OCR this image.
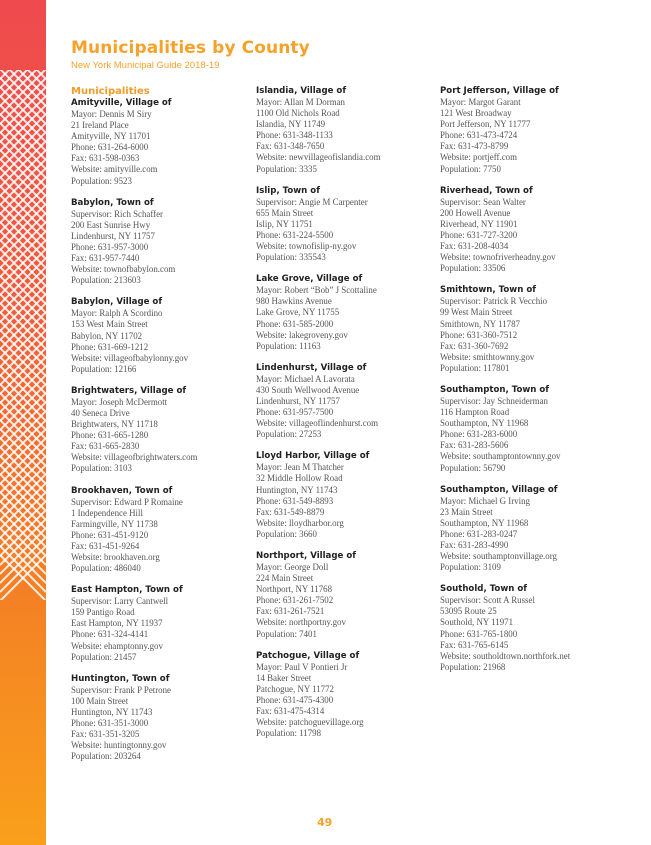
Municipalities by County
New York Municipal Guide 2018-19
Municipalities
Amityville, Village of
Mayor: Dennis M Siry
21 Ireland Place
Amityville, NY 11701
Phone: 631-264-6000
Fax: 631-598-0363
Website: amityville.com
Population: 9523
Babylon, Town of
Supervisor: Rich Schaffer
200 East Sunrise Hwy
Lindenhurst, NY 11757
Phone: 631-957-3000
Fax: 631-957-7440
Website: townofbabylon.com
Population: 213603
Babylon, Village of
Mayor: Ralph A Scordino
153 West Main Street
Babylon, NY 11702
Phone: 631-669-1212
Website: villageofbabylonny.gov
Population: 12166
Brightwaters, Village of
Mayor: Joseph McDermott
40 Seneca Drive
Brightwaters, NY 11718
Phone: 631-665-1280
Fax: 631-665-2830
Website: villageofbrightwaters.com
Population: 3103
Brookhaven, Town of
Supervisor: Edward P Romaine
1 Independence Hill
Farmingville, NY 11738
Phone: 631-451-9120
Fax: 631-451-9264
Website: brookhaven.org
Population: 486040
East Hampton, Town of
Supervisor: Larry Cantwell
159 Pantigo Road
East Hampton, NY 11937
Phone: 631-324-4141
Website: ehamptonny.gov
Population: 21457
Huntington, Town of
Supervisor: Frank P Petrone
100 Main Street
Huntington, NY 11743
Phone: 631-351-3000
Fax: 631-351-3205
Website: huntingtonny.gov
Population: 203264
Islandia, Village of
Mayor: Allan M Dorman
1100 Old Nichols Road
Islandia, NY 11749
Phone: 631-348-1133
Fax: 631-348-7650
Website: newvillageofislandia.com
Population: 3335
Islip, Town of
Supervisor: Angie M Carpenter
655 Main Street
Islip, NY 11751
Phone: 631-224-5500
Website: townofislip-ny.gov
Population: 335543
Lake Grove, Village of
Mayor: Robert “Bob” J Scottaline
980 Hawkins Avenue
Lake Grove, NY 11755
Phone: 631-585-2000
Website: lakegroveny.gov
Population: 11163
Lindenhurst, Village of
Mayor: Michael A Lavorata
430 South Wellwood Avenue
Lindenhurst, NY 11757
Phone: 631-957-7500
Website: villageoflindenhurst.com
Population: 27253
Lloyd Harbor, Village of
Mayor: Jean M Thatcher
32 Middle Hollow Road
Huntington, NY 11743
Phone: 631-549-8893
Fax: 631-549-8879
Website: lloydharbor.org
Population: 3660
Northport, Village of
Mayor: George Doll
224 Main Street
Northport, NY 11768
Phone: 631-261-7502
Fax: 631-261-7521
Website: northportny.gov
Population: 7401
Patchogue, Village of
Mayor: Paul V Pontieri Jr
14 Baker Street
Patchogue, NY 11772
Phone: 631-475-4300
Fax: 631-475-4314
Website: patchoguevillage.org
Population: 11798
Port Jefferson, Village of
Mayor: Margot Garant
121 West Broadway
Port Jefferson, NY 11777
Phone: 631-473-4724
Fax: 631-473-8799
Website: portjeff.com
Population: 7750
Riverhead, Town of
Supervisor: Sean Walter
200 Howell Avenue
Riverhead, NY 11901
Phone: 631-727-3200
Fax: 631-208-4034
Website: townofriverheadny.gov
Population: 33506
Smithtown, Town of
Supervisor: Patrick R Vecchio
99 West Main Street
Smithtown, NY 11787
Phone: 631-360-7512
Fax: 631-360-7692
Website: smithtownny.gov
Population: 117801
Southampton, Town of
Supervisor: Jay Schneiderman
116 Hampton Road
Southampton, NY 11968
Phone: 631-283-6000
Fax: 631-283-5606
Website: southamptontownny.gov
Population: 56790
Southampton, Village of
Mayor: Michael G Irving
23 Main Street
Southampton, NY 11968
Phone: 631-283-0247
Fax: 631-283-4990
Website: southamptonvillage.org
Population: 3109
Southold, Town of
Supervisor: Scott A Russel
53095 Route 25
Southold, NY 11971
Phone: 631-765-1800
Fax: 631-765-6145
Website: southoldtown.northfork.net
Population: 21968
49
